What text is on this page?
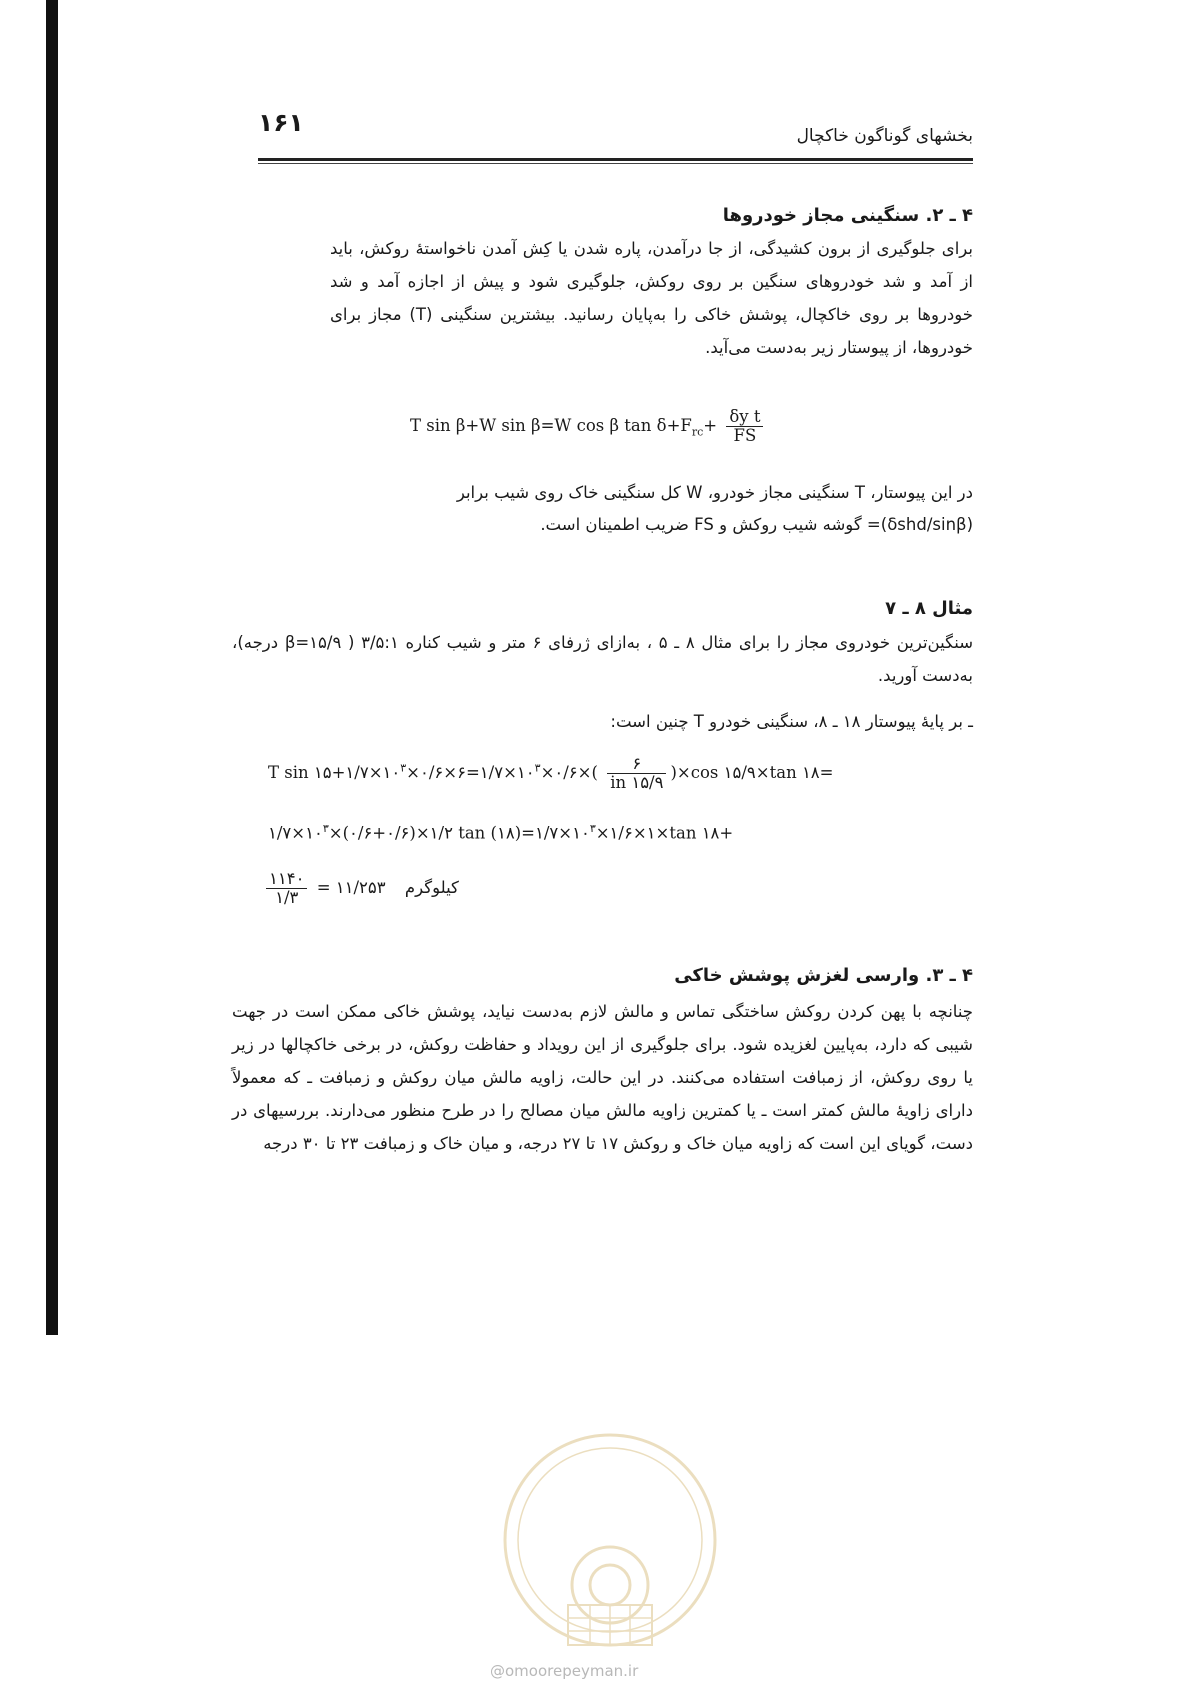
۱۶۱	بخشهای گوناگون خاکچال
۴ ـ ۲. سنگینی مجاز خودروها
برای جلوگیری از برون کشیدگی، از جا درآمدن، پاره شدن یا کِش آمدن ناخواستهٔ روکش، باید از آمد و شد خودروهای سنگین بر روی روکش، جلوگیری شود و پیش از اجازه آمد و شد خودروها بر روی خاکچال، پوشش خاکی را به‌پایان رسانید. بیشترین سنگینی (T) مجاز برای خودروها، از پیوستار زیر به‌دست می‌آید.
T sin β+W sin β=W cos β $\tan \delta+F_{rc}+ \frac{\text{δy t}}{FS}$
در این پیوستار، T سنگینی مجاز خودرو، W کل سنگینی خاک روی شیب برابر
(δshd/sinβ)= گوشه شیب روکش و FS ضریب اطمینان است.
مثال ۸ ـ ۷
سنگین‌ترین خودروی مجاز را برای مثال ۸ ـ ۵ ، به‌ازای ژرفای ۶ متر و شیب کناره ۳/۵:۱ ( β=۱۵/۹ درجه)، به‌دست آورید.
ـ بر پایهٔ پیوستار ۱۸ ـ ۸، سنگینی خودرو T چنین است:
T $\sin ۱۵+۱/۷\times ۱۰^۳\times ۰/۶\times ۶=۱/۷\times ۱۰^۳\times ۰/۶\times( \frac{۶}{in ۱۵/۹} )\times\cos$ ۱۵/۹×tan ۱۸=
$۱/۷\times ۱۰^۳\times(۰/۶+۰/۶)\times ۱/۲$ $\tan (۱۸)=۱/۷\times ۱۰^۳\times ۱/۶\times ۱\times\tan$ ۱۸+
$\frac{۱۱۴۰}{۱/۳}$ = ۱۱/۲۵۳ کیلوگرم
۴ ـ ۳. وارسی لغزش پوشش خاکی
چنانچه با پهن کردن روکش ساختگی تماس و مالش لازم به‌دست نیاید، پوشش خاکی ممکن است در جهت شیبی که دارد، به‌پایین لغزیده شود. برای جلوگیری از این رویداد و حفاظت روکش، در برخی خاکچالها در زیر یا روی روکش، از زمبافت استفاده می‌کنند. در این حالت، زاویه مالش میان روکش و زمبافت ـ که معمولاً دارای زاویهٔ مالش کمتر است ـ یا کمترین زاویه مالش میان مصالح را در طرح منظور می‌دارند. بررسیهای در دست، گویای این است که زاویه میان خاک و روکش ۱۷ تا ۲۷ درجه، و میان خاک و زمبافت ۲۳ تا ۳۰ درجه
@omoorepeyman.ir
